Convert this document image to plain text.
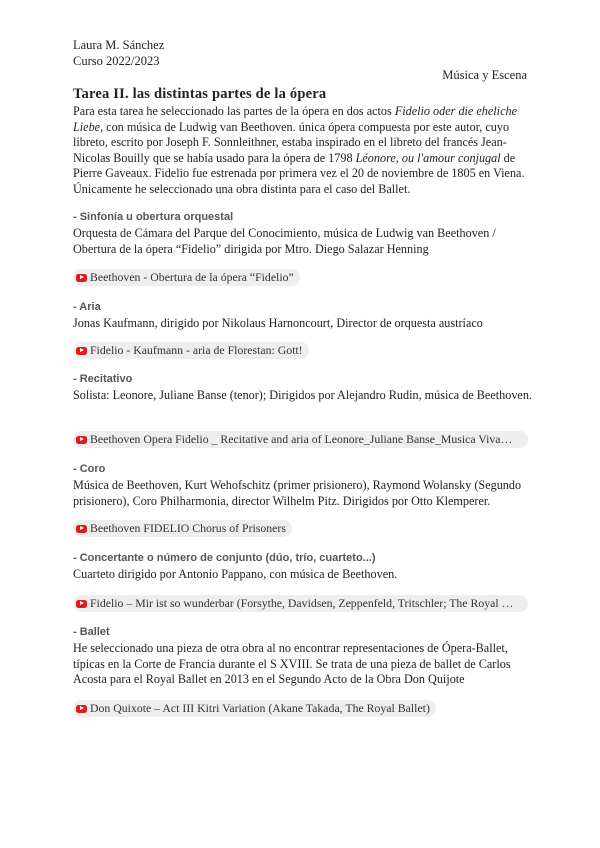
Laura M. Sánchez
Curso 2022/2023
Música y Escena
Tarea II. las distintas partes de la ópera
Para esta tarea he seleccionado las partes de la ópera en dos actos Fidelio oder die eheliche Liebe, con música de Ludwig van Beethoven. única ópera compuesta por este autor, cuyo libreto, escrito por Joseph F. Sonnleithner, estaba inspirado en el libreto del francés Jean-Nicolas Bouilly que se había usado para la ópera de 1798 Léonore, ou l'amour conjugal de Pierre Gaveaux. Fidelio fue estrenada por primera vez el 20 de noviembre de 1805 en Viena. Únicamente he seleccionado una obra distinta para el caso del Ballet.
- Sinfonía u obertura orquestal
Orquesta de Cámara del Parque del Conocimiento, música de Ludwig van Beethoven / Obertura de la ópera “Fidelio” dirigida por Mtro. Diego Salazar Henning
Beethoven - Obertura de la ópera “Fidelio”
- Aria
Jonas Kaufmann, dirigido por Nikolaus Harnoncourt, Director de orquesta austríaco
Fidelio - Kaufmann - aria de Florestan: Gott!
- Recitativo
Solista: Leonore, Juliane Banse (tenor); Dirigidos por Alejandro Rudin, música de Beethoven.
Beethoven Opera Fidelio _ Recitative and aria of Leonore_Juliane Banse_Musica Viva…
- Coro
Música de Beethoven, Kurt Wehofschitz (primer prisionero), Raymond Wolansky (Segundo prisionero), Coro Philharmonia, director Wilhelm Pitz. Dirigidos por Otto Klemperer.
Beethoven FIDELIO Chorus of Prisoners
- Concertante o número de conjunto (dúo, trío, cuarteto...)
Cuarteto dirigido por Antonio Pappano, con música de Beethoven.
Fidelio – Mir ist so wunderbar (Forsythe, Davidsen, Zeppenfeld, Tritschler; The Royal …
- Ballet
He seleccionado una pieza de otra obra al no encontrar representaciones de Ópera-Ballet, típicas en la Corte de Francia durante el S XVIII. Se trata de una pieza de ballet de Carlos Acosta para el Royal Ballet en 2013 en el Segundo Acto de la Obra Don Quijote
Don Quixote – Act III Kitri Variation (Akane Takada, The Royal Ballet)
